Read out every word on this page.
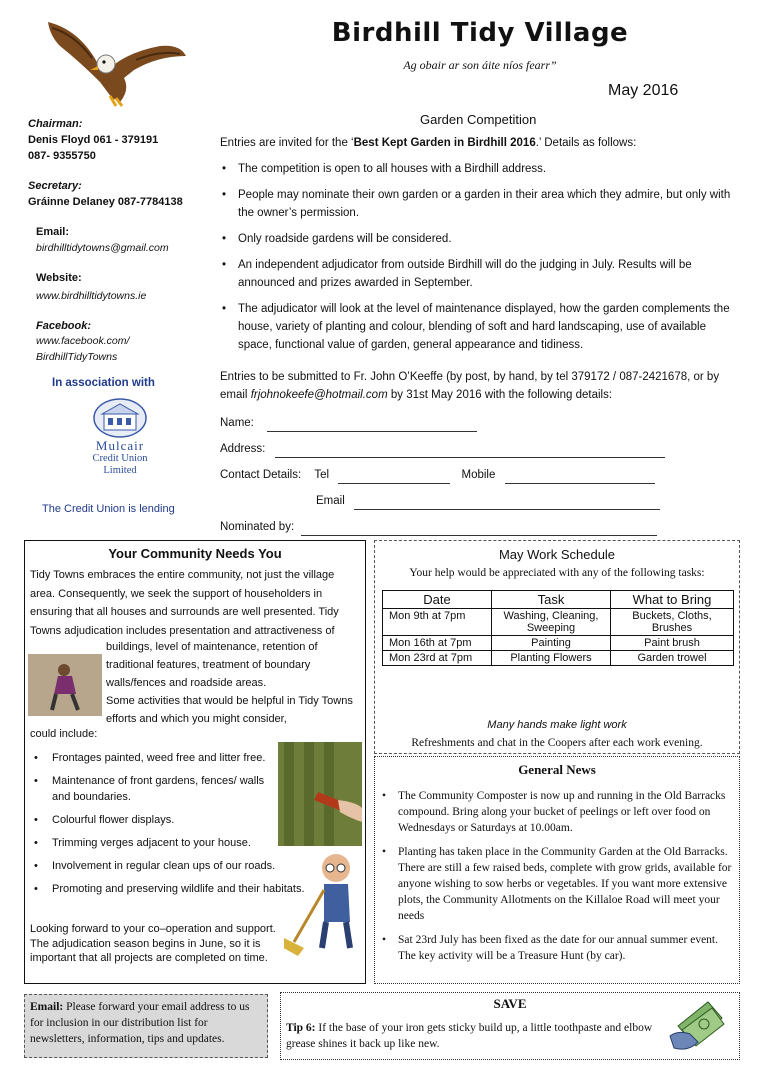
Birdhill Tidy Village
Ag obair ar son áite níos fearr”
May 2016
Chairman:
Denis Floyd 061 - 379191
087- 9355750
Secretary:
Gráinne Delaney 087-7784138
Email:
birdhilltidytowns@gmail.com
Website:
www.birdhilltidytowns.ie
Facebook:
www.facebook.com/
BirdhillTidyTowns
In association with
Mulcair
Credit Union
Limited
The Credit Union is lending
Garden Competition
Entries are invited for the ‘Best Kept Garden in Birdhill 2016.’ Details as follows:
• The competition is open to all houses with a Birdhill address.
• People may nominate their own garden or a garden in their area which they admire, but only with the owner’s permission.
• Only roadside gardens will be considered.
• An independent adjudicator from outside Birdhill will do the judging in July. Results will be announced and prizes awarded in September.
• The adjudicator will look at the level of maintenance displayed, how the garden complements the house, variety of planting and colour, blending of soft and hard landscaping, use of available space, functional value of garden, general appearance and tidiness.
Entries to be submitted to Fr. John O’Keeffe (by post, by hand, by tel 379172 / 087-2421678, or by email frjohnokeefe@hotmail.com by 31st May 2016 with the following details:
Name:
Address:
Contact Details: Tel	Mobile
Email
Nominated by:
Your Community Needs You
Tidy Towns embraces the entire community, not just the village area. Consequently, we seek the support of householders in ensuring that all houses and surrounds are well presented. Tidy Towns adjudication includes presentation and attractiveness of
buildings, level of maintenance, retention of traditional features, treatment of boundary walls/fences and roadside areas.
Some activities that would be helpful in Tidy Towns efforts and which you might consider,
could include:
• Frontages painted, weed free and litter free.
• Maintenance of front gardens, fences/ walls and boundaries.
• Colourful flower displays.
• Trimming verges adjacent to your house.
• Involvement in regular clean ups of our roads.
• Promoting and preserving wildlife and their habitats.
Looking forward to your co–operation and support.
The adjudication season begins in June, so it is important that all projects are completed on time.
May Work Schedule
Your help would be appreciated with any of the following tasks:
Date	Task	What to Bring
Mon 9th at 7pm	Washing, Cleaning, Sweeping	Buckets, Cloths, Brushes
Mon 16th at 7pm	Painting	Paint brush
Mon 23rd at 7pm	Planting Flowers	Garden trowel
Many hands make light work
Refreshments and chat in the Coopers after each work evening.
General News
• The Community Composter is now up and running in the Old Barracks compound. Bring along your bucket of peelings or left over food on Wednesdays or Saturdays at 10.00am.
• Planting has taken place in the Community Garden at the Old Barracks. There are still a few raised beds, complete with grow grids, available for anyone wishing to sow herbs or vegetables. If you want more extensive plots, the Community Allotments on the Killaloe Road will meet your needs
• Sat 23rd July has been fixed as the date for our annual summer event. The key activity will be a Treasure Hunt (by car).
Email: Please forward your email address to us for inclusion in our distribution list for newsletters, information, tips and updates.
SAVE
Tip 6: If the base of your iron gets sticky build up, a little toothpaste and elbow grease shines it back up like new.
